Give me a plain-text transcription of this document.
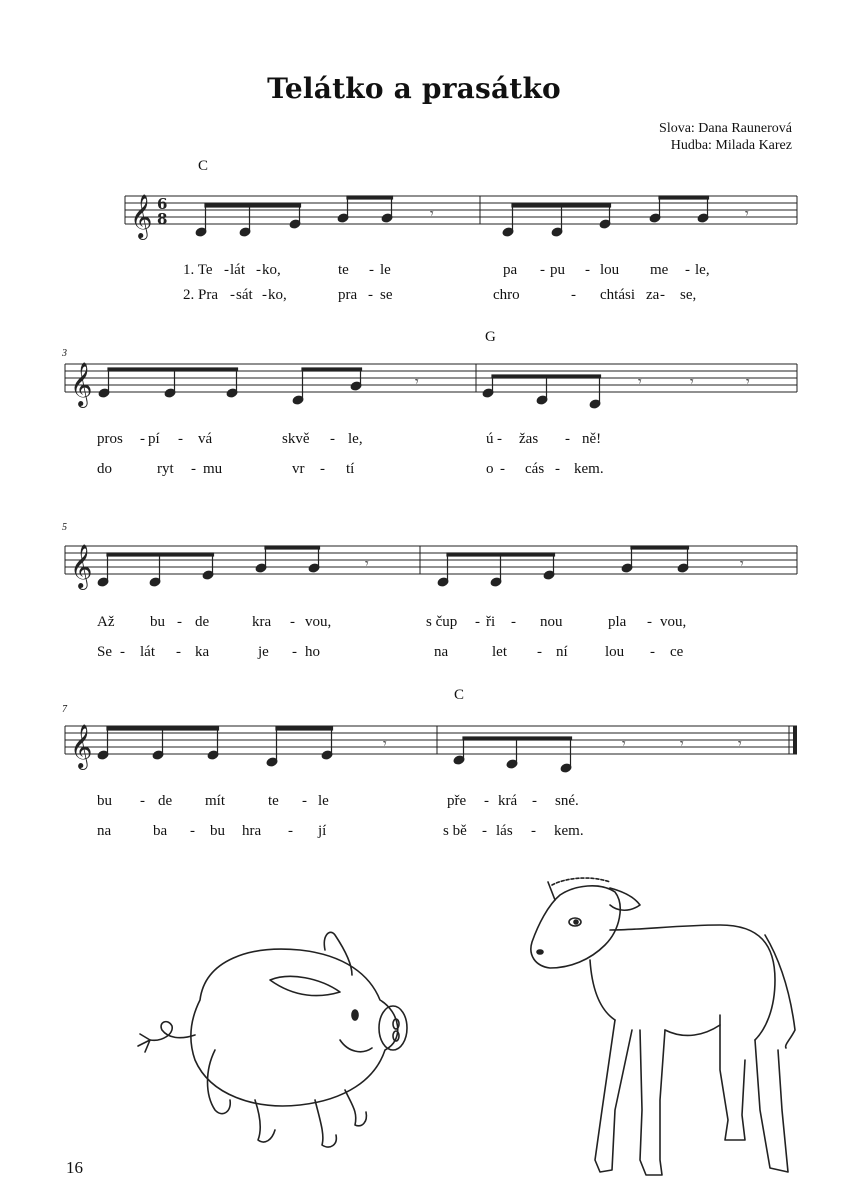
Telátko a prasátko
Slova: Dana Raunerová
Hudba: Milada Karez
C
G
C
3
5
7
𝄞
𝄞
𝄞
𝄞
6
8	𝄾	𝄾
𝄾	𝄾	𝄾	𝄾
𝄾	𝄾
𝄾	𝄾	𝄾	𝄾
1. Te - lát - ko,	te - le	pa - pu - lou me - le,
2. Pra - sát - ko,	pra - se	chro	- chtá si za - se,
pros - pí - vá	skvě - le,	ú - žas - ně!
do	ryt - mu	vr - tí	o - cás - kem.
Až bu - de	kra - vou,	s čup - ři - nou	pla - vou,
Se - lát - ka	je - ho	na	let - ní lou - ce
bu - de mít	te - le	pře - krá - sné.
na	ba - bu hra - jí	s bě - lás - kem.
16
